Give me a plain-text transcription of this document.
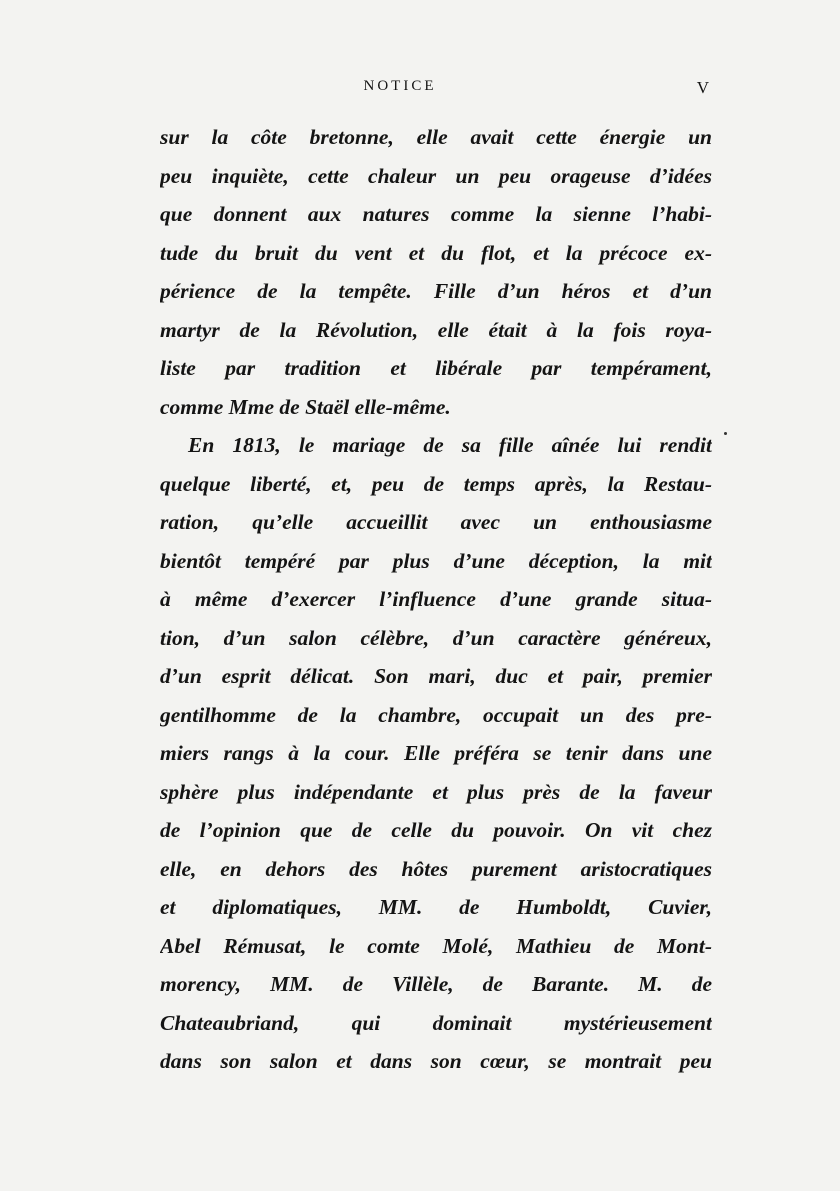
NOTICE	V
sur la côte bretonne, elle avait cette énergie un
peu inquiète, cette chaleur un peu orageuse d’idées
que donnent aux natures comme la sienne l’habi-
tude du bruit du vent et du flot, et la précoce ex-
périence de la tempête. Fille d’un héros et d’un
martyr de la Révolution, elle était à la fois roya-
liste par tradition et libérale par tempérament,
comme Mme de Staël elle-même.
En 1813, le mariage de sa fille aînée lui rendit
quelque liberté, et, peu de temps après, la Restau-
ration, qu’elle accueillit avec un enthousiasme
bientôt tempéré par plus d’une déception, la mit
à même d’exercer l’influence d’une grande situa-
tion, d’un salon célèbre, d’un caractère généreux,
d’un esprit délicat. Son mari, duc et pair, premier
gentilhomme de la chambre, occupait un des pre-
miers rangs à la cour. Elle préféra se tenir dans une
sphère plus indépendante et plus près de la faveur
de l’opinion que de celle du pouvoir. On vit chez
elle, en dehors des hôtes purement aristocratiques
et diplomatiques, MM. de Humboldt, Cuvier,
Abel Rémusat, le comte Molé, Mathieu de Mont-
morency, MM. de Villèle, de Barante. M. de
Chateaubriand, qui dominait mystérieusement
dans son salon et dans son cœur, se montrait peu
